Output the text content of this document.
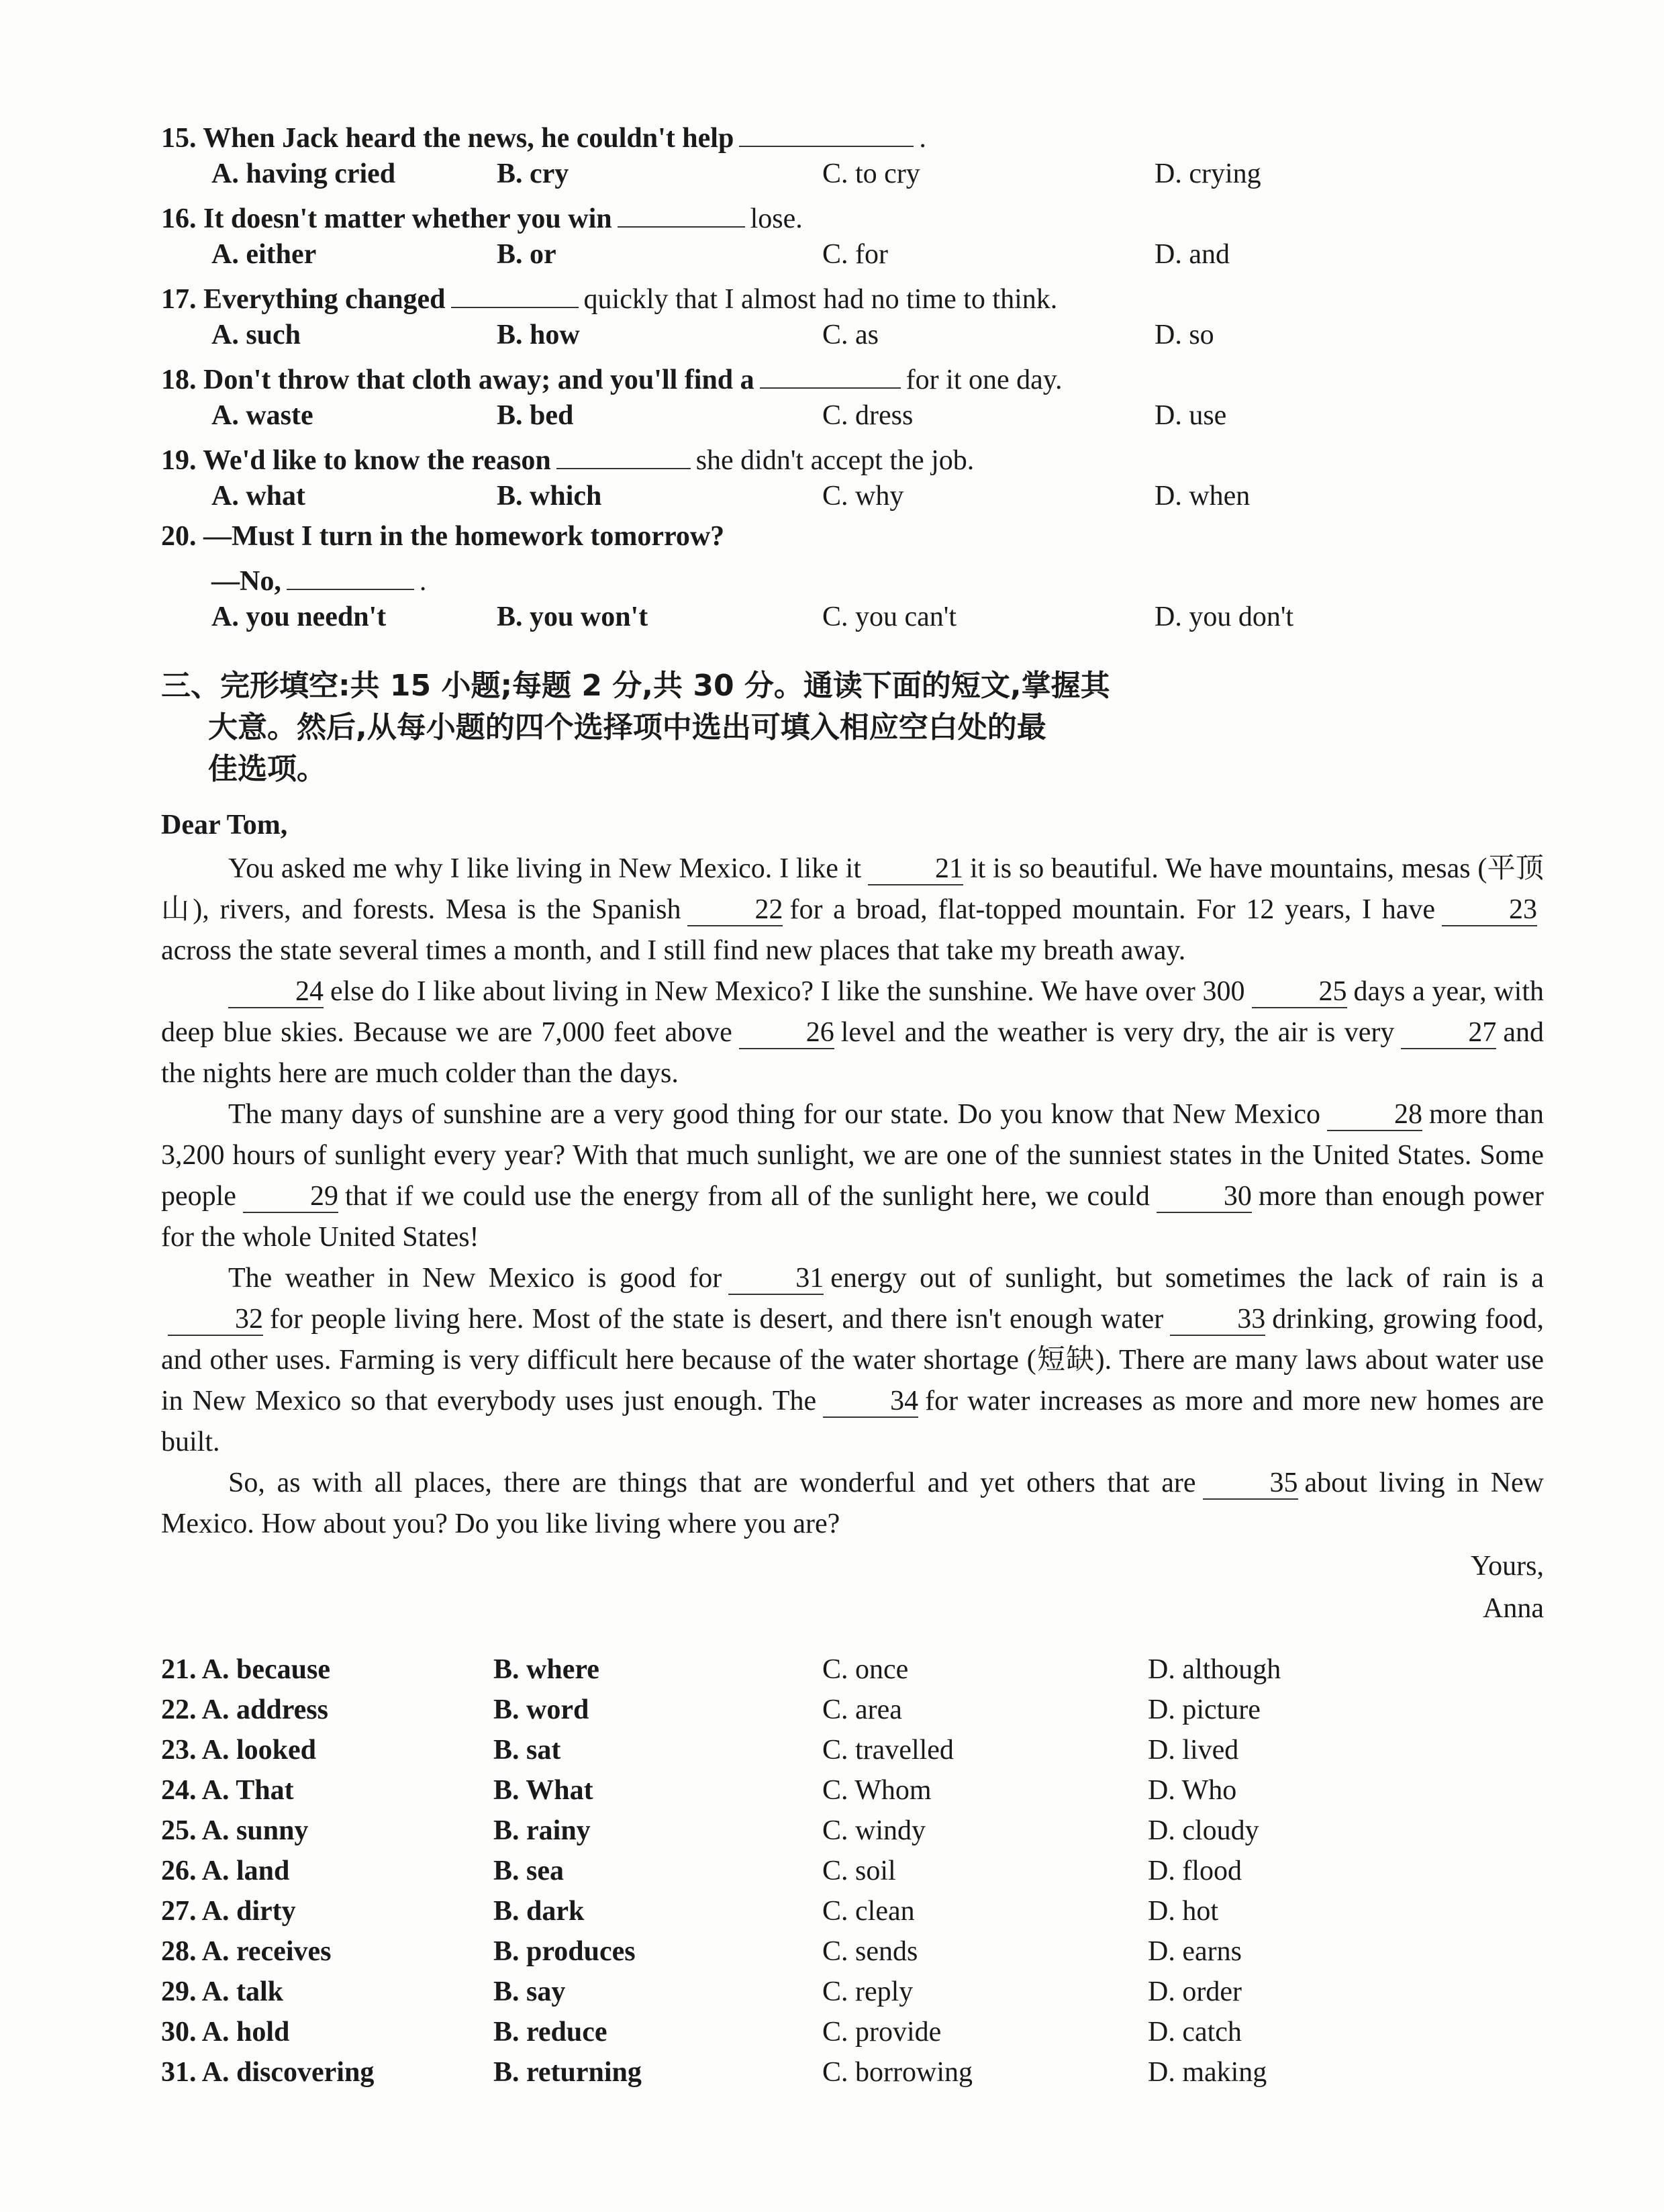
15. When Jack heard the news, he couldn't help	.
A. having cried	B. cry	C. to cry	D. crying
16. It doesn't matter whether you win	lose.
A. either	B. or	C. for	D. and
17. Everything changed	quickly that I almost had no time to think.
A. such	B. how	C. as	D. so
18. Don't throw that cloth away; and you'll find a	for it one day.
A. waste	B. bed	C. dress	D. use
19. We'd like to know the reason	she didn't accept the job.
A. what	B. which	C. why	D. when
20. —Must I turn in the homework tomorrow?
—No,	.
A. you needn't	B. you won't	C. you can't	D. you don't
三、完形填空:共 15 小题;每题 2 分,共 30 分。通读下面的短文,掌握其
大意。然后,从每小题的四个选择项中选出可填入相应空白处的最
佳选项。
Dear Tom,

You asked me why I like living in New Mexico. I like it	21 it is so beautiful. We have mountains, mesas (平顶山), rivers, and forests. Mesa is the Spanish	22 for a broad, flat-topped mountain. For 12 years, I have	23across the state several times a month, and I still find new places that take my breath away.

24 else do I like about living in New Mexico? I like the sunshine. We have over 300	25 days a year, with deep blue skies. Because we are 7,000 feet above	26 level and the weather is very dry, the air is very	27 and the nights here are much colder than the days.

The many days of sunshine are a very good thing for our state. Do you know that New Mexico	28 more than 3,200 hours of sunlight every year? With that much sunlight, we are one of the sunniest states in the United States. Some people	29 that if we could use the energy from all of the sunlight here, we could	30 more than enough power for the whole United States!

The weather in New Mexico is good for	31 energy out of sunlight, but sometimes the lack of rain is a32 for people living here. Most of the state is desert, and there isn't enough water	33 drinking, growing food, and other uses. Farming is very difficult here because of the water shortage (短缺). There are many laws about water use in New Mexico so that everybody uses just enough. The	34 for water increases as more and more new homes are built.

So, as with all places, there are things that are wonderful and yet others that are	35 about living in New Mexico. How about you? Do you like living where you are?

Yours,
Anna
21. A. because	B. where	C. once	D. although
22. A. address	B. word	C. area	D. picture
23. A. looked	B. sat	C. travelled	D. lived
24. A. That	B. What	C. Whom	D. Who
25. A. sunny	B. rainy	C. windy	D. cloudy
26. A. land	B. sea	C. soil	D. flood
27. A. dirty	B. dark	C. clean	D. hot
28. A. receives	B. produces	C. sends	D. earns
29. A. talk	B. say	C. reply	D. order
30. A. hold	B. reduce	C. provide	D. catch
31. A. discovering	B. returning	C. borrowing	D. making
